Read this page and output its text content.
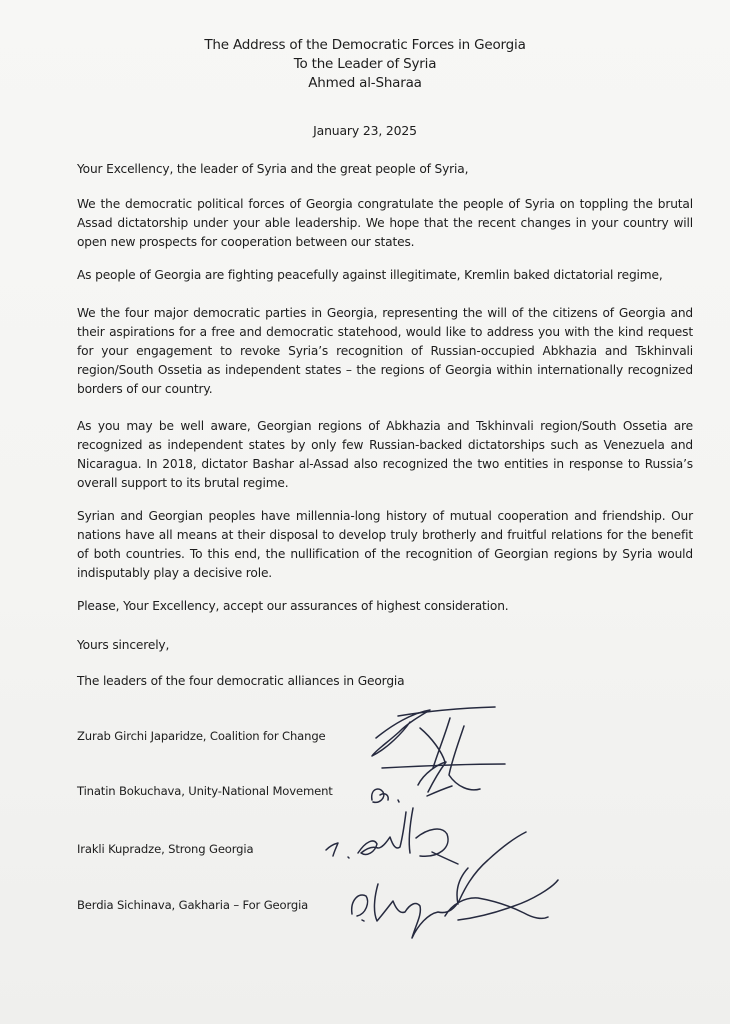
The Address of the Democratic Forces in Georgia
To the Leader of Syria
Ahmed al-Sharaa
January 23, 2025

Your Excellency, the leader of Syria and the great people of Syria,

We the democratic political forces of Georgia congratulate the people of Syria on toppling the brutal Assad dictatorship under your able leadership. We hope that the recent changes in your country will open new prospects for cooperation between our states.

As people of Georgia are fighting peacefully against illegitimate, Kremlin baked dictatorial regime,

We the four major democratic parties in Georgia, representing the will of the citizens of Georgia and their aspirations for a free and democratic statehood, would like to address you with the kind request for your engagement to revoke Syria’s recognition of Russian-occupied Abkhazia and Tskhinvali region/South Ossetia as independent states – the regions of Georgia within internationally recognized borders of our country.

As you may be well aware, Georgian regions of Abkhazia and Tskhinvali region/South Ossetia are recognized as independent states by only few Russian-backed dictatorships such as Venezuela and Nicaragua. In 2018, dictator Bashar al-Assad also recognized the two entities in response to Russia’s overall support to its brutal regime.

Syrian and Georgian peoples have millennia-long history of mutual cooperation and friendship. Our nations have all means at their disposal to develop truly brotherly and fruitful relations for the benefit of both countries. To this end, the nullification of the recognition of Georgian regions by Syria would indisputably play a decisive role.

Please, Your Excellency, accept our assurances of highest consideration.

Yours sincerely,

The leaders of the four democratic alliances in Georgia

Zurab Girchi Japaridze, Coalition for Change
Tinatin Bokuchava, Unity-National Movement
Irakli Kupradze, Strong Georgia
Berdia Sichinava, Gakharia – For Georgia
